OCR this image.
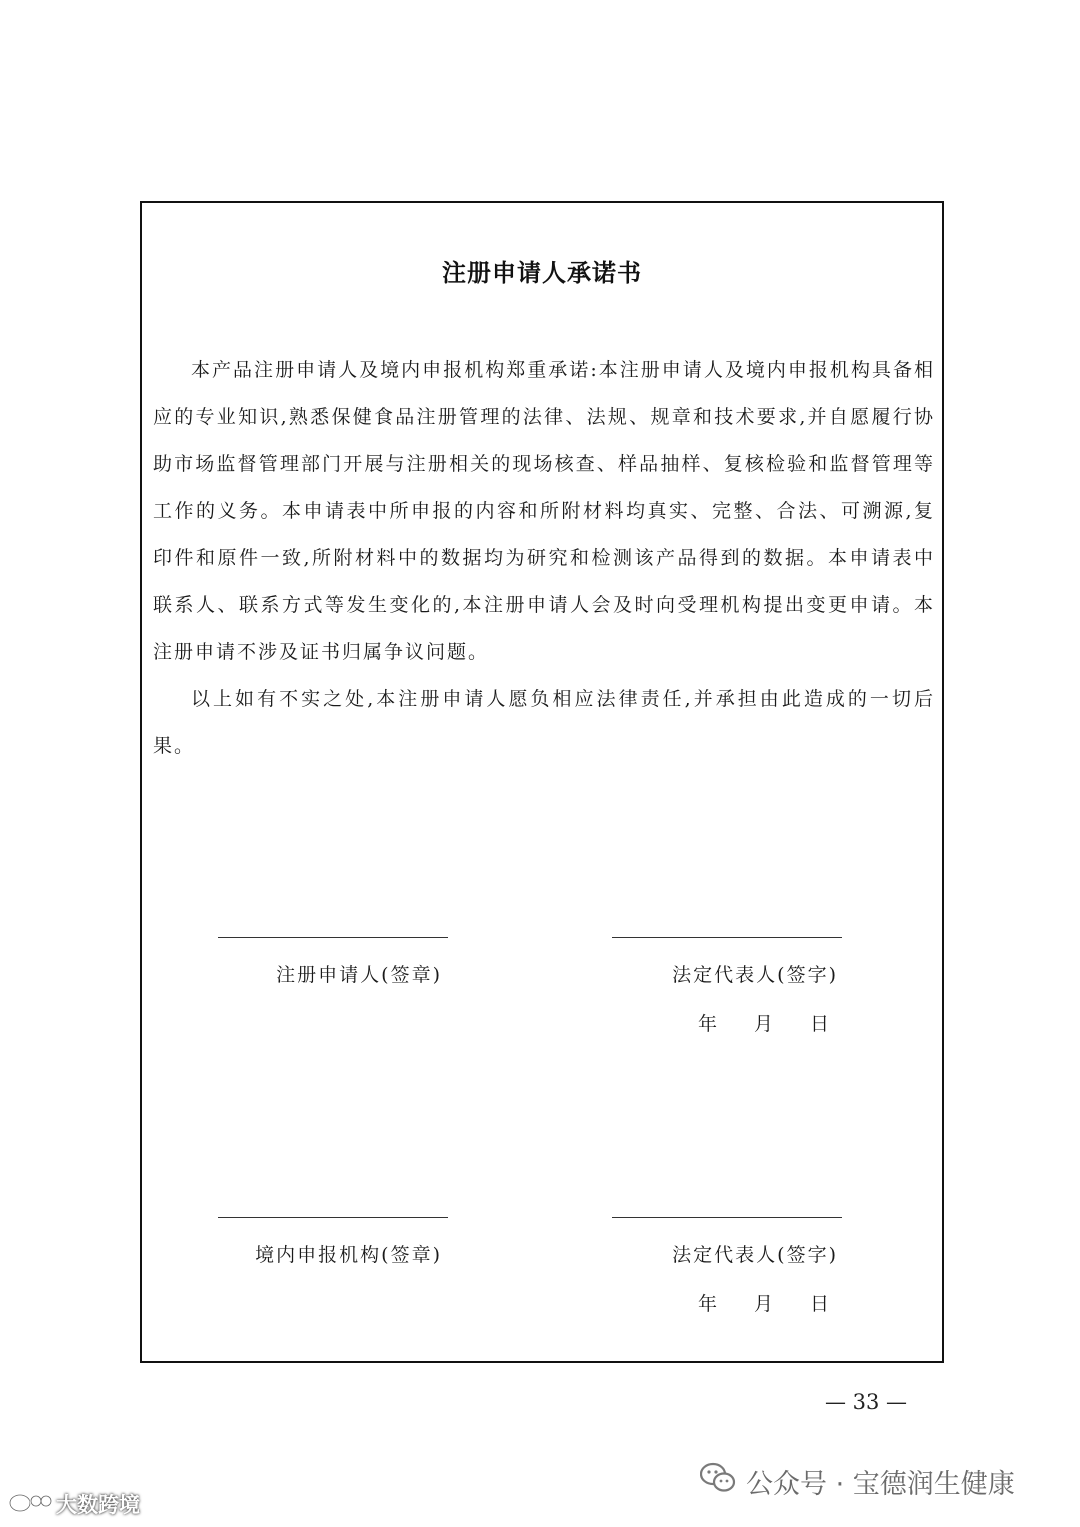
注册申请人承诺书

本产品注册申请人及境内申报机构郑重承诺:本注册申请人及境内申报机构具备相应的专业知识,熟悉保健食品注册管理的法律、法规、规章和技术要求,并自愿履行协助市场监督管理部门开展与注册相关的现场核查、样品抽样、复核检验和监督管理等工作的义务。本申请表中所申报的内容和所附材料均真实、完整、合法、可溯源,复印件和原件一致,所附材料中的数据均为研究和检测该产品得到的数据。本申请表中联系人、联系方式等发生变化的,本注册申请人会及时向受理机构提出变更申请。本注册申请不涉及证书归属争议问题。

以上如有不实之处,本注册申请人愿负相应法律责任,并承担由此造成的一切后果。

注册申请人(签章)	法定代表人(签字)
年 月 日
境内申报机构(签章)	法定代表人(签字)
年 月 日
— 33 —
公众号 · 宝德润生健康
大数跨境
